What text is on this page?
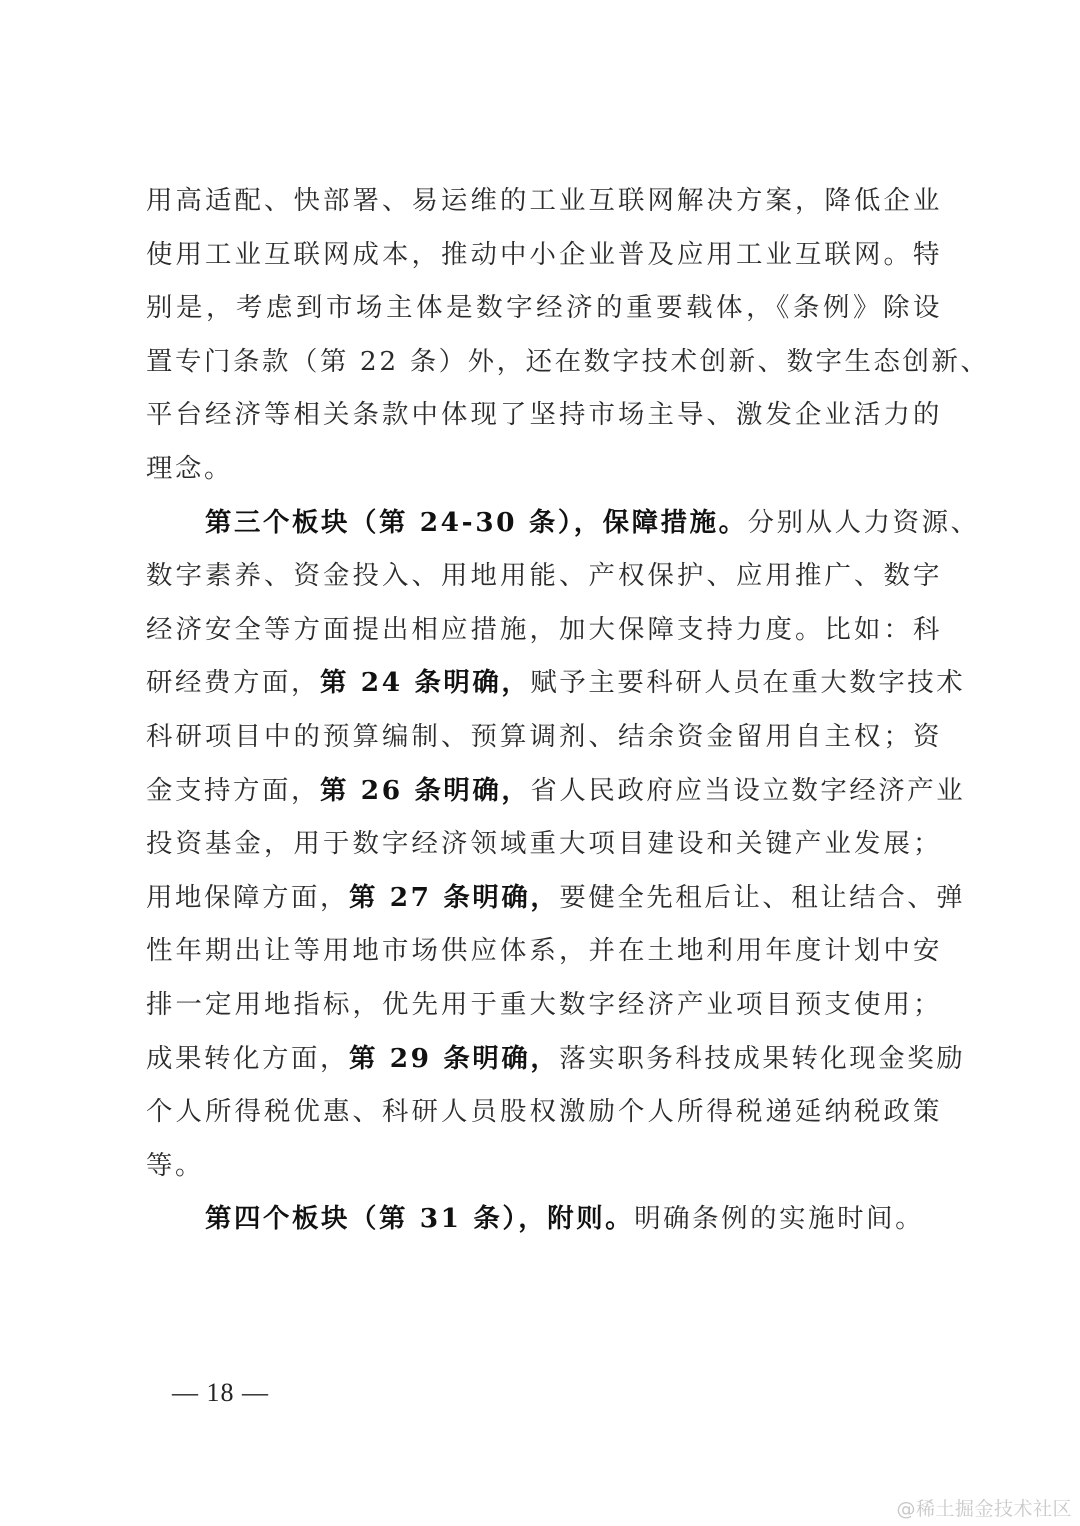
用高适配、快部署、易运维的工业互联网解决方案，降低企业
使用工业互联网成本，推动中小企业普及应用工业互联网。特
别是，考虑到市场主体是数字经济的重要载体，《条例》除设
置专门条款（第 22 条）外，还在数字技术创新、数字生态创新、
平台经济等相关条款中体现了坚持市场主导、激发企业活力的
理念。
第三个板块（第 24-30 条），保障措施。分别从人力资源、
数字素养、资金投入、用地用能、产权保护、应用推广、数字
经济安全等方面提出相应措施，加大保障支持力度。比如：科
研经费方面，第 24 条明确，赋予主要科研人员在重大数字技术
科研项目中的预算编制、预算调剂、结余资金留用自主权；资
金支持方面，第 26 条明确，省人民政府应当设立数字经济产业
投资基金，用于数字经济领域重大项目建设和关键产业发展；
用地保障方面，第 27 条明确，要健全先租后让、租让结合、弹
性年期出让等用地市场供应体系，并在土地利用年度计划中安
排一定用地指标，优先用于重大数字经济产业项目预支使用；
成果转化方面，第 29 条明确，落实职务科技成果转化现金奖励
个人所得税优惠、科研人员股权激励个人所得税递延纳税政策
等。
第四个板块（第 31 条），附则。明确条例的实施时间。
— 18 —
@稀土掘金技术社区
